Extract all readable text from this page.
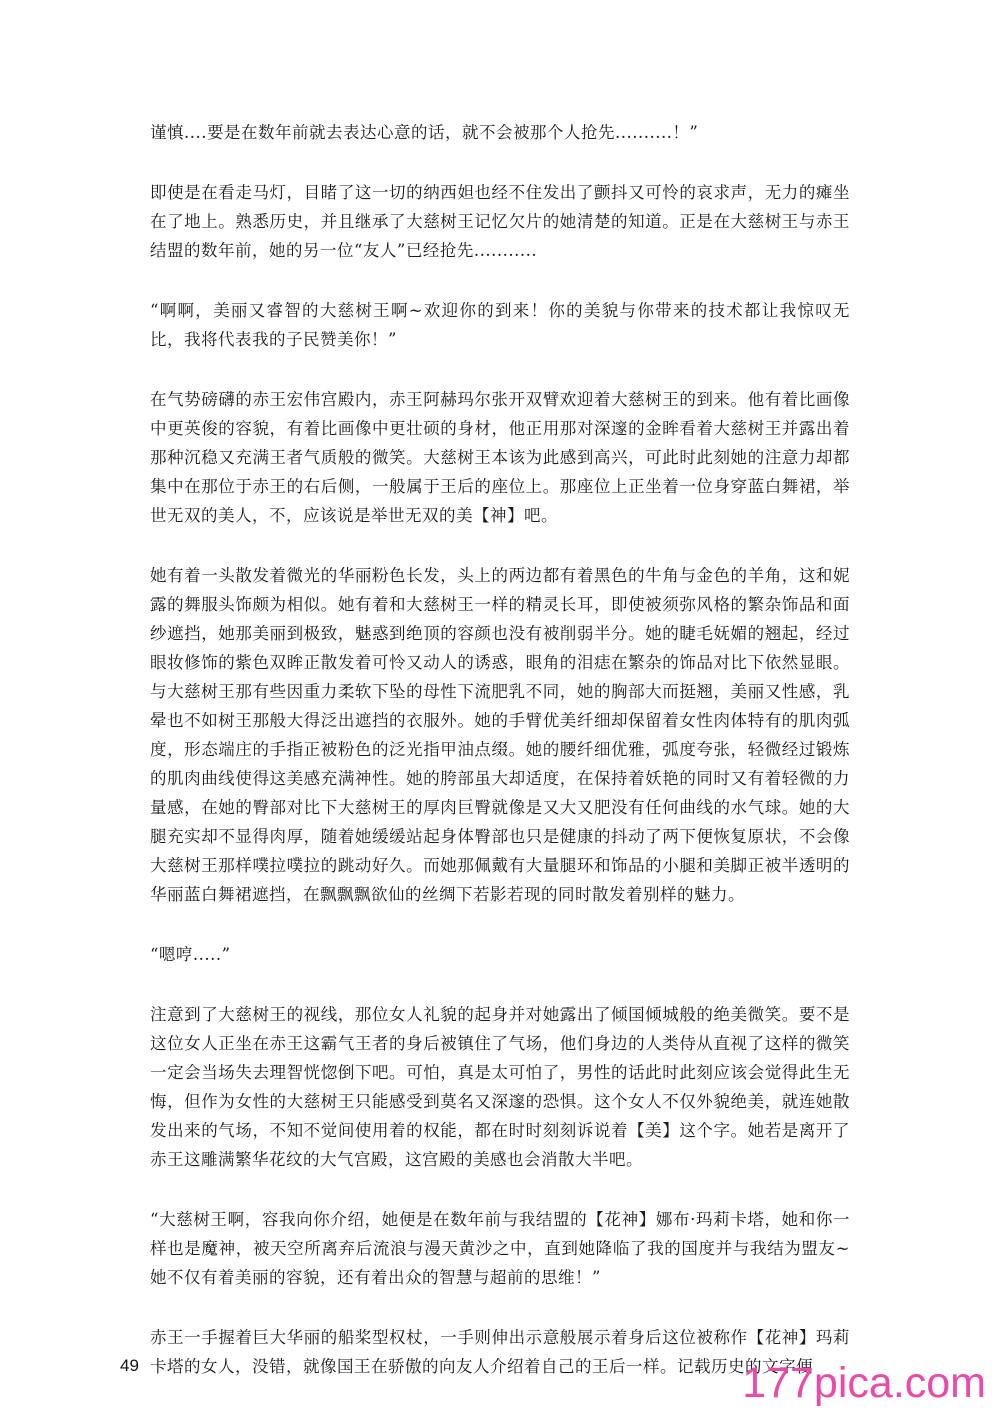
谨慎....要是在数年前就去表达心意的话，就不会被那个人抢先..........！”

即使是在看走马灯，目睹了这一切的纳西妲也经不住发出了颤抖又可怜的哀求声，无力的瘫坐在了地上。熟悉历史，并且继承了大慈树王记忆欠片的她清楚的知道。正是在大慈树王与赤王结盟的数年前，她的另一位“友人”已经抢先...........

“啊啊，美丽又睿智的大慈树王啊~欢迎你的到来！你的美貌与你带来的技术都让我惊叹无比，我将代表我的子民赞美你！”

在气势磅礴的赤王宏伟宫殿内，赤王阿赫玛尔张开双臂欢迎着大慈树王的到来。他有着比画像中更英俊的容貌，有着比画像中更壮硕的身材，他正用那对深邃的金眸看着大慈树王并露出着那种沉稳又充满王者气质般的微笑。大慈树王本该为此感到高兴，可此时此刻她的注意力却都集中在那位于赤王的右后侧，一般属于王后的座位上。那座位上正坐着一位身穿蓝白舞裙，举世无双的美人，不，应该说是举世无双的美【神】吧。

她有着一头散发着微光的华丽粉色长发，头上的两边都有着黑色的牛角与金色的羊角，这和妮露的舞服头饰颇为相似。她有着和大慈树王一样的精灵长耳，即使被须弥风格的繁杂饰品和面纱遮挡，她那美丽到极致，魅惑到绝顶的容颜也没有被削弱半分。她的睫毛妩媚的翘起，经过眼妆修饰的紫色双眸正散发着可怜又动人的诱惑，眼角的泪痣在繁杂的饰品对比下依然显眼。与大慈树王那有些因重力柔软下坠的母性下流肥乳不同，她的胸部大而挺翘，美丽又性感，乳晕也不如树王那般大得泛出遮挡的衣服外。她的手臂优美纤细却保留着女性肉体特有的肌肉弧度，形态端庄的手指正被粉色的泛光指甲油点缀。她的腰纤细优雅，弧度夸张，轻微经过锻炼的肌肉曲线使得这美感充满神性。她的胯部虽大却适度，在保持着妖艳的同时又有着轻微的力量感，在她的臀部对比下大慈树王的厚肉巨臀就像是又大又肥没有任何曲线的水气球。她的大腿充实却不显得肉厚，随着她缓缓站起身体臀部也只是健康的抖动了两下便恢复原状，不会像大慈树王那样噗拉噗拉的跳动好久。而她那佩戴有大量腿环和饰品的小腿和美脚正被半透明的华丽蓝白舞裙遮挡，在飘飘飘欲仙的丝绸下若影若现的同时散发着别样的魅力。

“嗯哼.....”

注意到了大慈树王的视线，那位女人礼貌的起身并对她露出了倾国倾城般的绝美微笑。要不是这位女人正坐在赤王这霸气王者的身后被镇住了气场，他们身边的人类侍从直视了这样的微笑一定会当场失去理智恍惚倒下吧。可怕，真是太可怕了，男性的话此时此刻应该会觉得此生无悔，但作为女性的大慈树王只能感受到莫名又深邃的恐惧。这个女人不仅外貌绝美，就连她散发出来的气场，不知不觉间使用着的权能，都在时时刻刻诉说着【美】这个字。她若是离开了赤王这雕满繁华花纹的大气宫殿，这宫殿的美感也会消散大半吧。

“大慈树王啊，容我向你介绍，她便是在数年前与我结盟的【花神】娜布·玛莉卡塔，她和你一样也是魔神，被天空所离弃后流浪与漫天黄沙之中，直到她降临了我的国度并与我结为盟友~她不仅有着美丽的容貌，还有着出众的智慧与超前的思维！”

赤王一手握着巨大华丽的船桨型权杖，一手则伸出示意般展示着身后这位被称作【花神】玛莉卡塔的女人，没错，就像国王在骄傲的向友人介绍着自己的王后一样。记载历史的文字便

49	177pica.com
